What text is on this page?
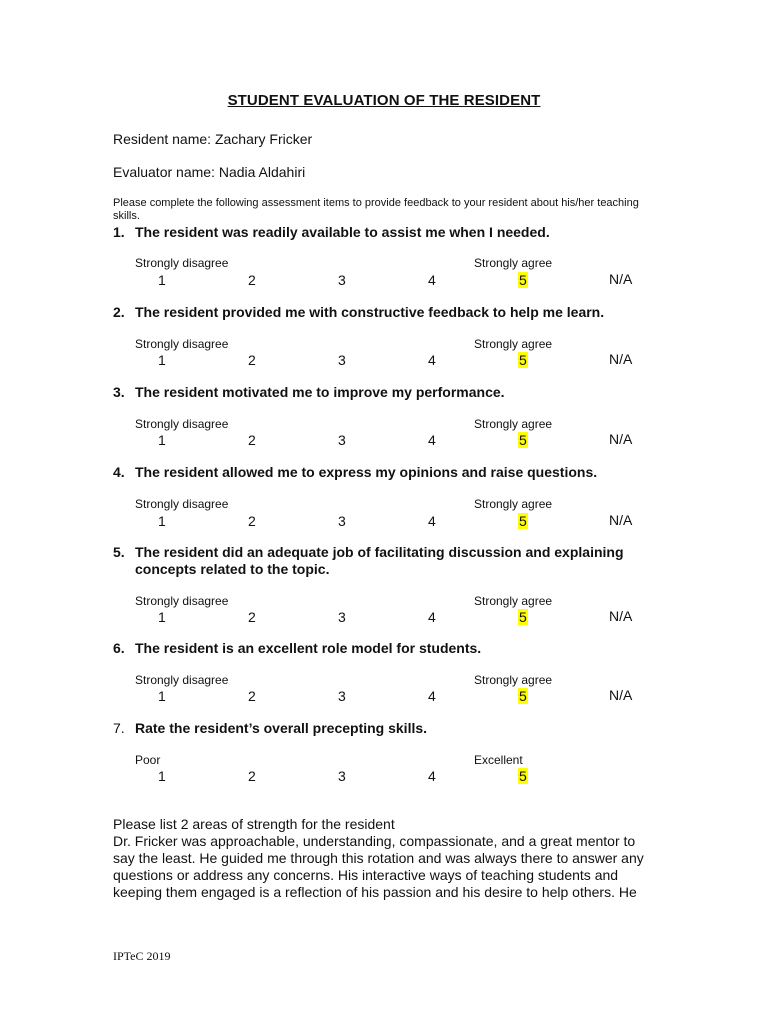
STUDENT EVALUATION OF THE RESIDENT
Resident name: Zachary Fricker
Evaluator name: Nadia Aldahiri
Please complete the following assessment items to provide feedback to your resident about his/her teaching skills.
1. The resident was readily available to assist me when I needed.
Strongly disagree	Strongly agree
1	2	3	4	5	N/A
2. The resident provided me with constructive feedback to help me learn.
Strongly disagree	Strongly agree
1	2	3	4	5	N/A
3. The resident motivated me to improve my performance.
Strongly disagree	Strongly agree
1	2	3	4	5	N/A
4. The resident allowed me to express my opinions and raise questions.
Strongly disagree	Strongly agree
1	2	3	4	5	N/A
5. The resident did an adequate job of facilitating discussion and explaining concepts related to the topic.
Strongly disagree	Strongly agree
1	2	3	4	5	N/A
6. The resident is an excellent role model for students.
Strongly disagree	Strongly agree
1	2	3	4	5	N/A
7. Rate the resident’s overall precepting skills.
Poor	Excellent
1	2	3	4	5
Please list 2 areas of strength for the resident
Dr. Fricker was approachable, understanding, compassionate, and a great mentor to say the least. He guided me through this rotation and was always there to answer any questions or address any concerns. His interactive ways of teaching students and keeping them engaged is a reflection of his passion and his desire to help others. He
IPTeC 2019
